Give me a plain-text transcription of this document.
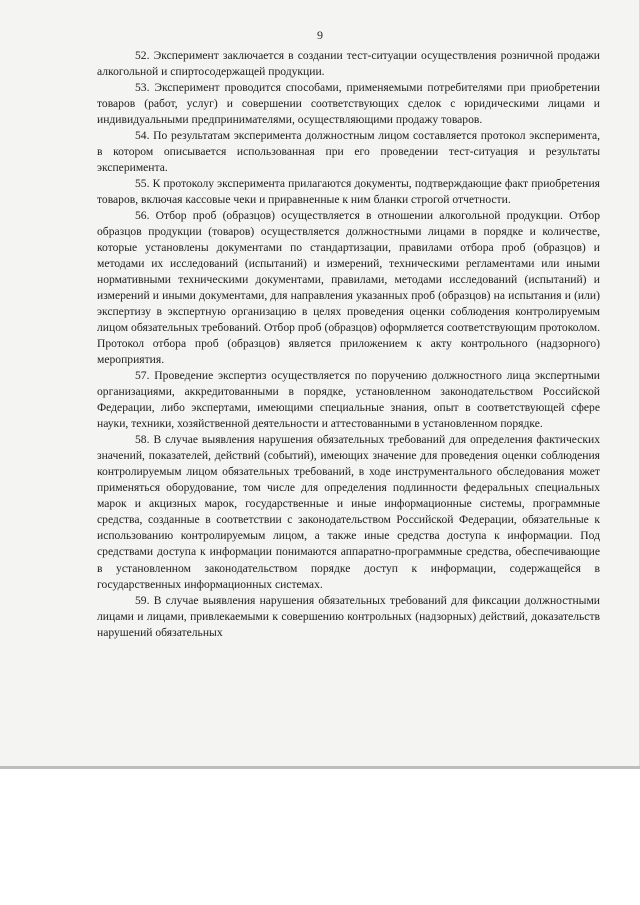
9

52. Эксперимент заключается в создании тест-ситуации осуществления розничной продажи алкогольной и спиртосодержащей продукции.

53. Эксперимент проводится способами, применяемыми потребителями при приобретении товаров (работ, услуг) и совершении соответствующих сделок с юридическими лицами и индивидуальными предпринимателями, осуществляющими продажу товаров.

54. По результатам эксперимента должностным лицом составляется протокол эксперимента, в котором описывается использованная при его проведении тест-ситуация и результаты эксперимента.

55. К протоколу эксперимента прилагаются документы, подтверждающие факт приобретения товаров, включая кассовые чеки и приравненные к ним бланки строгой отчетности.

56. Отбор проб (образцов) осуществляется в отношении алкогольной продукции. Отбор образцов продукции (товаров) осуществляется должностными лицами в порядке и количестве, которые установлены документами по стандартизации, правилами отбора проб (образцов) и методами их исследований (испытаний) и измерений, техническими регламентами или иными нормативными техническими документами, правилами, методами исследований (испытаний) и измерений и иными документами, для направления указанных проб (образцов) на испытания и (или) экспертизу в экспертную организацию в целях проведения оценки соблюдения контролируемым лицом обязательных требований. Отбор проб (образцов) оформляется соответствующим протоколом. Протокол отбора проб (образцов) является приложением к акту контрольного (надзорного) мероприятия.

57. Проведение экспертиз осуществляется по поручению должностного лица экспертными организациями, аккредитованными в порядке, установленном законодательством Российской Федерации, либо экспертами, имеющими специальные знания, опыт в соответствующей сфере науки, техники, хозяйственной деятельности и аттестованными в установленном порядке.

58. В случае выявления нарушения обязательных требований для определения фактических значений, показателей, действий (событий), имеющих значение для проведения оценки соблюдения контролируемым лицом обязательных требований, в ходе инструментального обследования может применяться оборудование, том числе для определения подлинности федеральных специальных марок и акцизных марок, государственные и иные информационные системы, программные средства, созданные в соответствии с законодательством Российской Федерации, обязательные к использованию контролируемым лицом, а также иные средства доступа к информации. Под средствами доступа к информации понимаются аппаратно-программные средства, обеспечивающие в установленном законодательством порядке доступ к информации, содержащейся в государственных информационных системах.

59. В случае выявления нарушения обязательных требований для фиксации должностными лицами и лицами, привлекаемыми к совершению контрольных (надзорных) действий, доказательств нарушений обязательных
